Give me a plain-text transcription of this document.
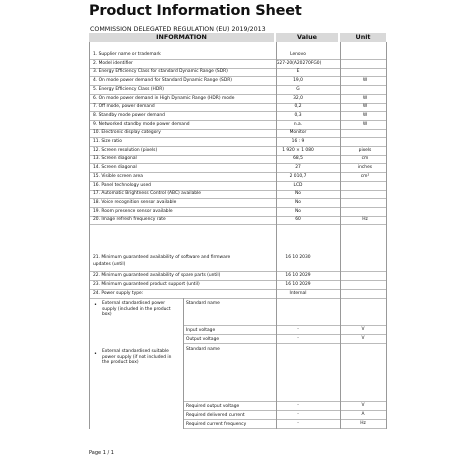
Product Information Sheet
COMMISSION DELEGATED REGULATION (EU) 2019/2013
INFORMATION	Value	Unit
1. Supplier name or trademark	Lenovo
2. Model identifier	G27-20(A20270FG0)
3. Energy Efficiency Class for standard Dynamic Range (SDR)	E
4. On mode power demand for Standard Dynamic Range (SDR)	19,0	W
5. Energy Efficiency Class (HDR)	G
6. On mode power demand in High Dynamic Range (HDR) mode	32,0	W
7. Off mode, power demand	0,2	W
8. Standby mode power demand	0,3	W
9. Networked standby mode power demand	n.a.	W
10. Electronic display category	Monitor
11. Size ratio	16 : 9
12. Screen resolution (pixels)	1 920 × 1 080	pixels
13. Screen diagonal	68,5	cm
14. Screen diagonal	27	inches
15. Visible screen area	2 010,7	cm²
16. Panel technology used	LCD
17. Automatic Brightness Control (ABC) available	No
18. Voice recognition sensor available	No
19. Room presence sensor available	No
20. Image refresh frequency rate	60	Hz
21. Minimum guaranteed availability of software and firmware
updates (until)
16 10 2030
22. Minimum guaranteed availability of spare parts (until)	16 10 2029
23. Minimum guaranteed product support (until)	16 10 2029
24. Power supply type:	Internal
• External standardised power
supply (included in the product
box)
Standard name
Input voltage	-	V
Output voltage	-	V
• External standardised suitable
power supply (if not included in
the product box)
Standard name
Required output voltage	-	V
Required delivered current	-	A
Required current frequency	-	Hz
Page 1 / 1
